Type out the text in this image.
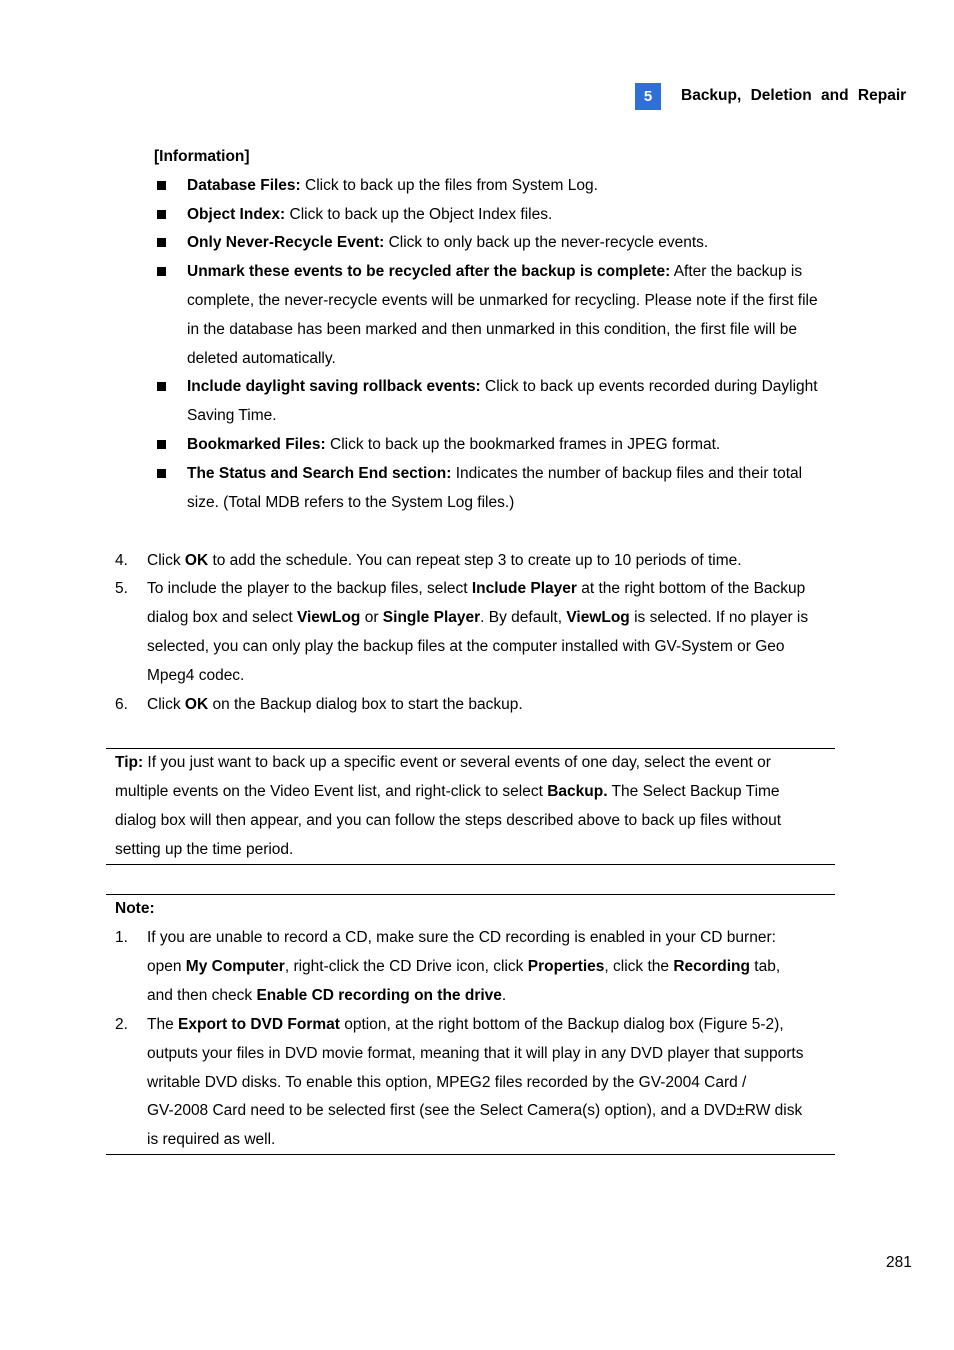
5	Backup, Deletion and Repair
[Information]
Database Files: Click to back up the files from System Log.
Object Index: Click to back up the Object Index files.
Only Never-Recycle Event: Click to only back up the never-recycle events.
Unmark these events to be recycled after the backup is complete: After the backup is
complete, the never-recycle events will be unmarked for recycling. Please note if the first file
in the database has been marked and then unmarked in this condition, the first file will be
deleted automatically.
Include daylight saving rollback events: Click to back up events recorded during Daylight
Saving Time.
Bookmarked Files: Click to back up the bookmarked frames in JPEG format.
The Status and Search End section: Indicates the number of backup files and their total
size. (Total MDB refers to the System Log files.)
4. Click OK to add the schedule. You can repeat step 3 to create up to 10 periods of time.
5. To include the player to the backup files, select Include Player at the right bottom of the Backup
dialog box and select ViewLog or Single Player. By default, ViewLog is selected. If no player is
selected, you can only play the backup files at the computer installed with GV-System or Geo
Mpeg4 codec.
6. Click OK on the Backup dialog box to start the backup.
Tip: If you just want to back up a specific event or several events of one day, select the event or
multiple events on the Video Event list, and right-click to select Backup. The Select Backup Time
dialog box will then appear, and you can follow the steps described above to back up files without
setting up the time period.
Note:
1. If you are unable to record a CD, make sure the CD recording is enabled in your CD burner:
open My Computer, right-click the CD Drive icon, click Properties, click the Recording tab,
and then check Enable CD recording on the drive.
2. The Export to DVD Format option, at the right bottom of the Backup dialog box (Figure 5-2),
outputs your files in DVD movie format, meaning that it will play in any DVD player that supports
writable DVD disks. To enable this option, MPEG2 files recorded by the GV-2004 Card /
GV-2008 Card need to be selected first (see the Select Camera(s) option), and a DVD±RW disk
is required as well.
281
